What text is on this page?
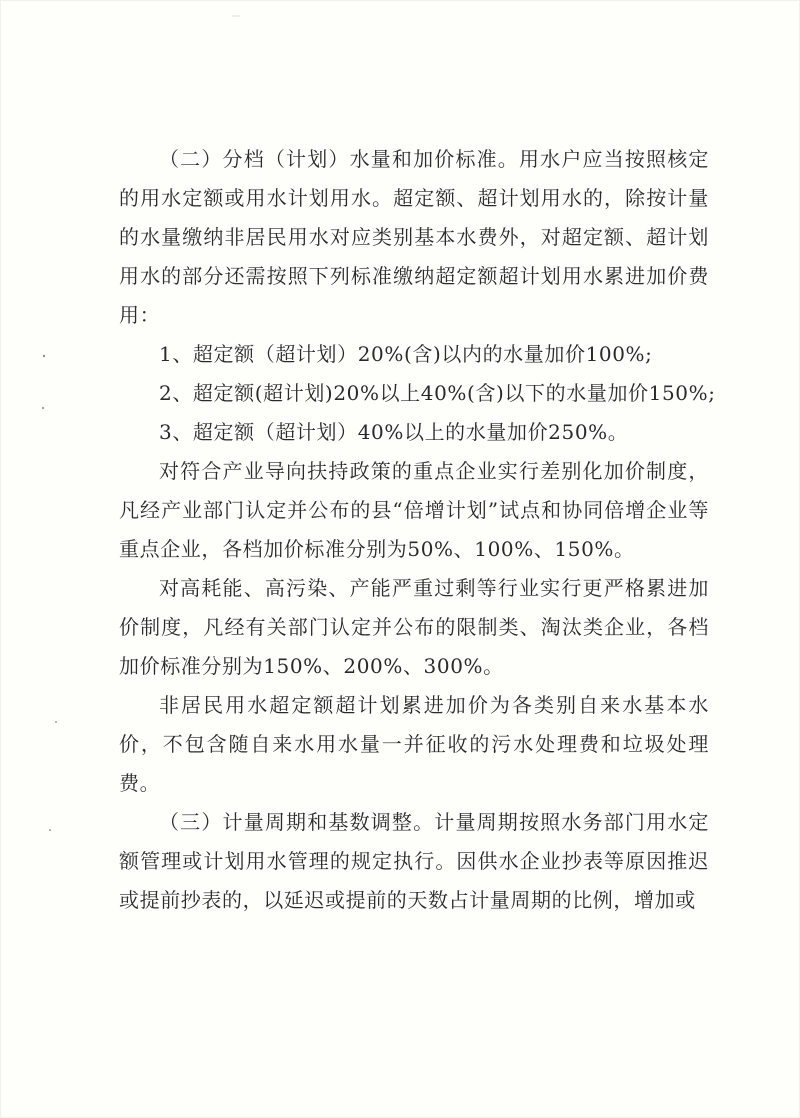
（二）分档（计划）水量和加价标准。用水户应当按照核定的用水定额或用水计划用水。超定额、超计划用水的，除按计量的水量缴纳非居民用水对应类别基本水费外，对超定额、超计划用水的部分还需按照下列标准缴纳超定额超计划用水累进加价费用：

1、超定额（超计划）20%(含)以内的水量加价100%;

2、超定额(超计划)20%以上40%(含)以下的水量加价150%;

3、超定额（超计划）40%以上的水量加价250%。

对符合产业导向扶持政策的重点企业实行差别化加价制度，凡经产业部门认定并公布的县“倍增计划”试点和协同倍增企业等重点企业，各档加价标准分别为50%、100%、150%。

对高耗能、高污染、产能严重过剩等行业实行更严格累进加价制度，凡经有关部门认定并公布的限制类、淘汰类企业，各档加价标准分别为150%、200%、300%。

非居民用水超定额超计划累进加价为各类别自来水基本水价，不包含随自来水用水量一并征收的污水处理费和垃圾处理费。

（三）计量周期和基数调整。计量周期按照水务部门用水定额管理或计划用水管理的规定执行。因供水企业抄表等原因推迟或提前抄表的，以延迟或提前的天数占计量周期的比例，增加或
